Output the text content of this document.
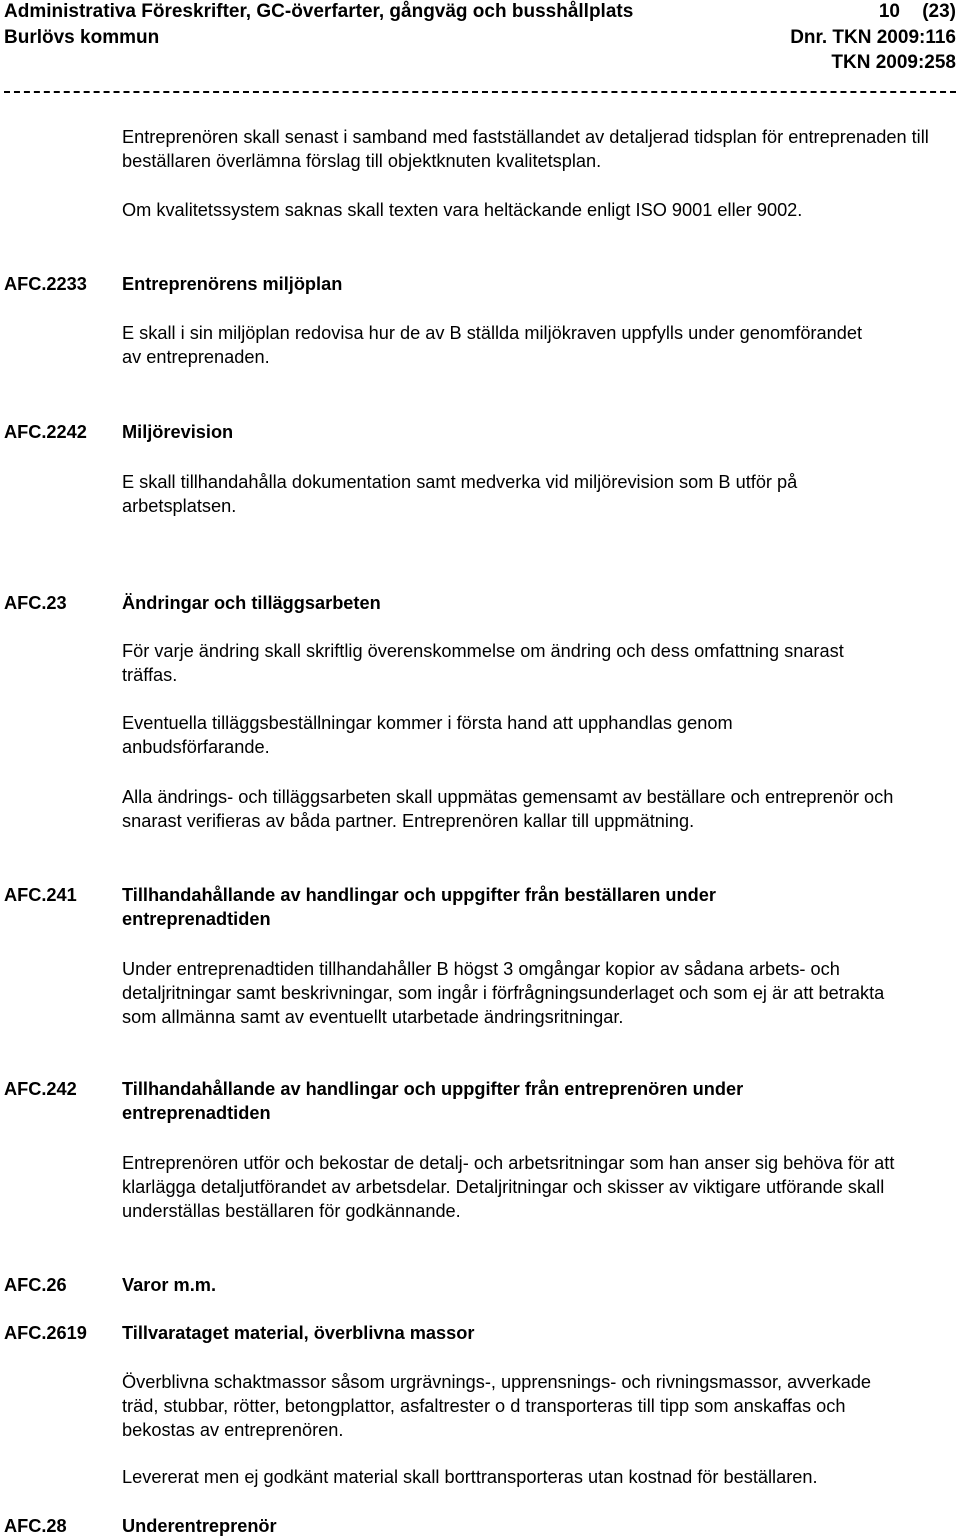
Administrativa Föreskrifter, GC-överfarter, gångväg och busshållplats	10 (23)
Burlövs kommun	Dnr. TKN 2009:116
TKN 2009:258
Entreprenören skall senast i samband med fastställandet av detaljerad tidsplan för entreprenaden till beställaren överlämna förslag till objektknuten kvalitetsplan.
Om kvalitetssystem saknas skall texten vara heltäckande enligt ISO 9001 eller 9002.
AFC.2233 Entreprenörens miljöplan
E skall i sin miljöplan redovisa hur de av B ställda miljökraven uppfylls under genomförandet av entreprenaden.
AFC.2242 Miljörevision
E skall tillhandahålla dokumentation samt medverka vid miljörevision som B utför på arbetsplatsen.
AFC.23	Ändringar och tilläggsarbeten
För varje ändring skall skriftlig överenskommelse om ändring och dess omfattning snarast träffas.
Eventuella tilläggsbeställningar kommer i första hand att upphandlas genom anbudsförfarande.
Alla ändrings- och tilläggsarbeten skall uppmätas gemensamt av beställare och entreprenör och snarast verifieras av båda partner. Entreprenören kallar till uppmätning.
AFC.241 Tillhandahållande av handlingar och uppgifter från beställaren under entreprenadtiden
Under entreprenadtiden tillhandahåller B högst 3 omgångar kopior av sådana arbets- och detaljritningar samt beskrivningar, som ingår i förfrågningsunderlaget och som ej är att betrakta som allmänna samt av eventuellt utarbetade ändringsritningar.
AFC.242 Tillhandahållande av handlingar och uppgifter från entreprenören under entreprenadtiden
Entreprenören utför och bekostar de detalj- och arbetsritningar som han anser sig behöva för att klarlägga detaljutförandet av arbetsdelar. Detaljritningar och skisser av viktigare utförande skall underställas beställaren för godkännande.
AFC.26	Varor m.m.
AFC.2619 Tillvarataget material, överblivna massor
Överblivna schaktmassor såsom urgrävnings-, upprensnings- och rivningsmassor, avverkade träd, stubbar, rötter, betongplattor, asfaltrester o d transporteras till tipp som anskaffas och bekostas av entreprenören.
Levererat men ej godkänt material skall borttransporteras utan kostnad för beställaren.
AFC.28	Underentreprenör
